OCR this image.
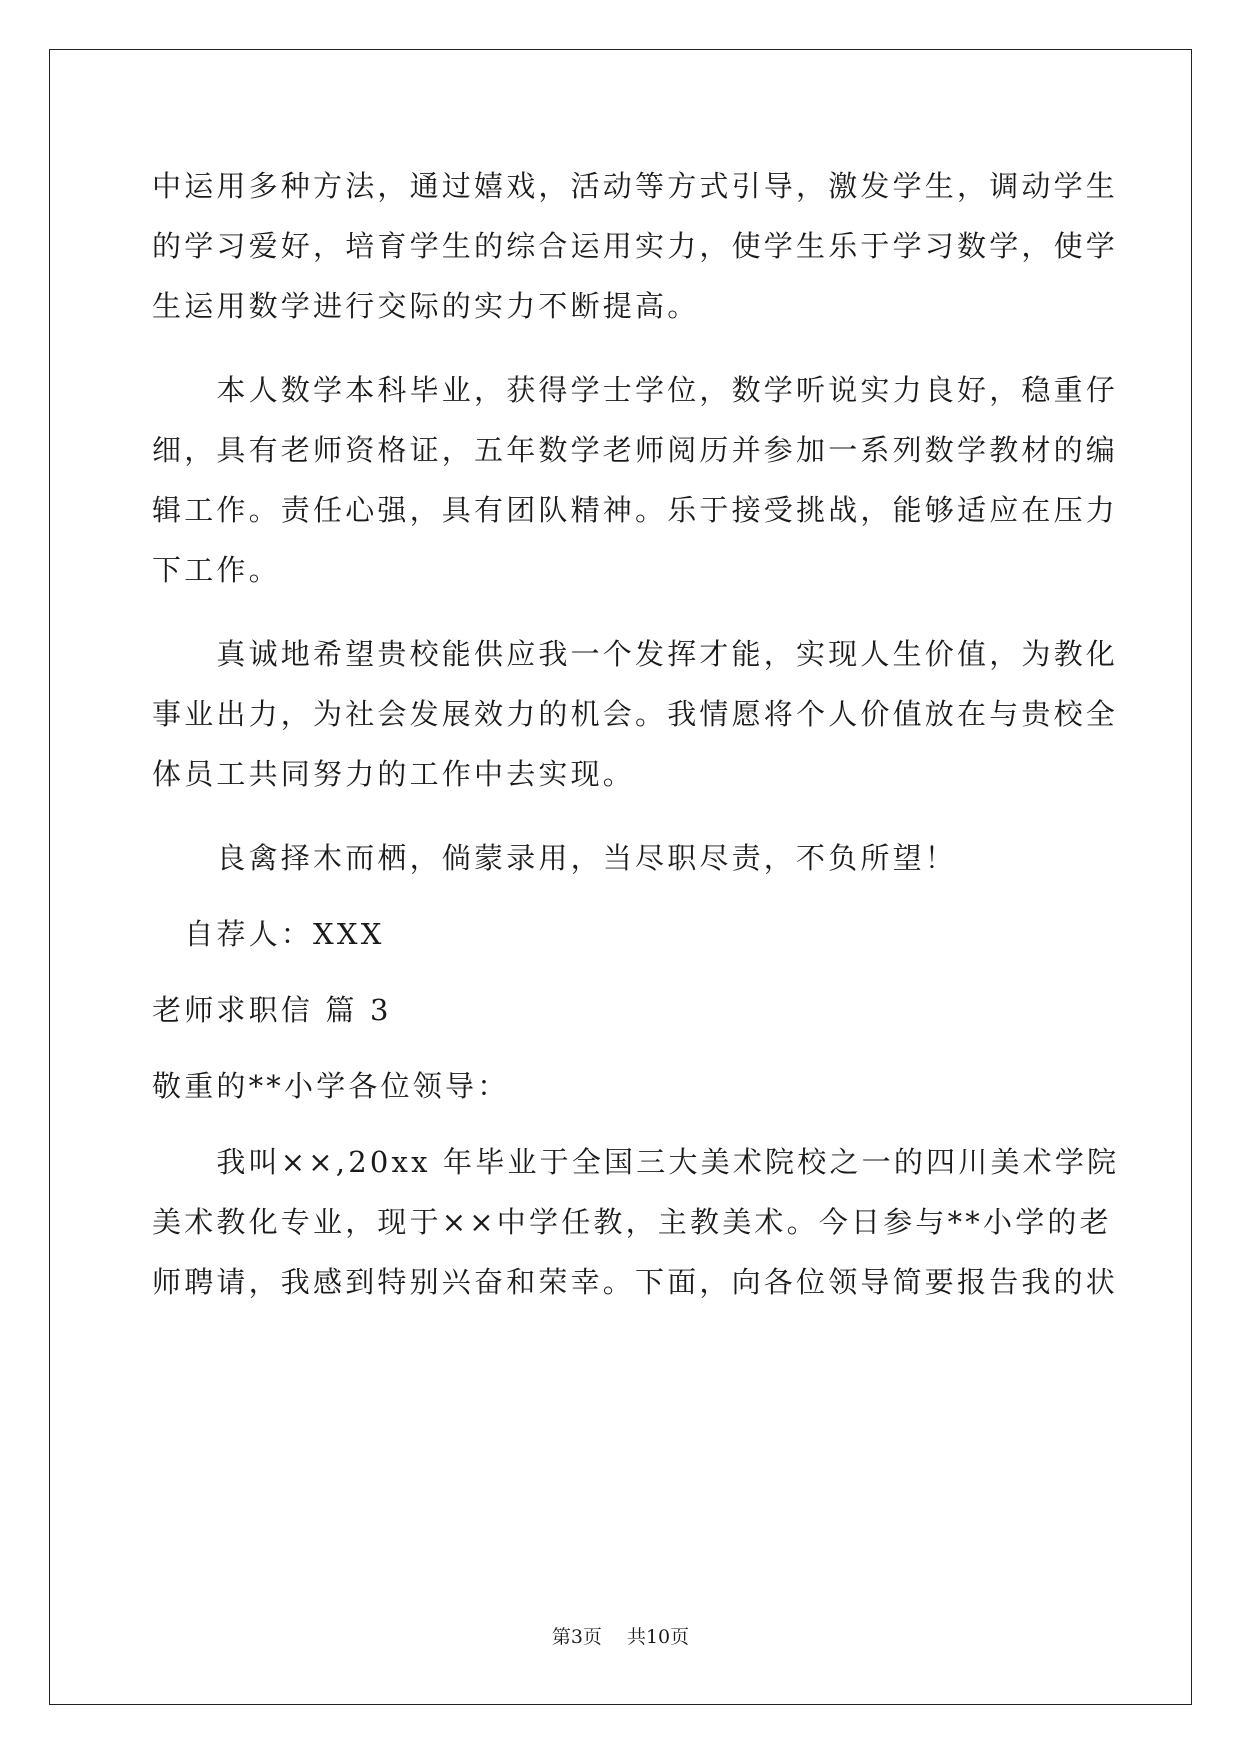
中运用多种方法，通过嬉戏，活动等方式引导，激发学生，调动学生
的学习爱好，培育学生的综合运用实力，使学生乐于学习数学，使学
生运用数学进行交际的实力不断提高。
　　本人数学本科毕业，获得学士学位，数学听说实力良好，稳重仔
细，具有老师资格证，五年数学老师阅历并参加一系列数学教材的编
辑工作。责任心强，具有团队精神。乐于接受挑战，能够适应在压力
下工作。
　　真诚地希望贵校能供应我一个发挥才能，实现人生价值，为教化
事业出力，为社会发展效力的机会。我情愿将个人价值放在与贵校全
体员工共同努力的工作中去实现。
　　良禽择木而栖，倘蒙录用，当尽职尽责，不负所望！
　自荐人：XXX
老师求职信 篇 3
敬重的**小学各位领导：
　　我叫××,20xx 年毕业于全国三大美术院校之一的四川美术学院
美术教化专业，现于××中学任教，主教美术。今日参与**小学的老
师聘请，我感到特别兴奋和荣幸。下面，向各位领导简要报告我的状
第3页　 共10页
